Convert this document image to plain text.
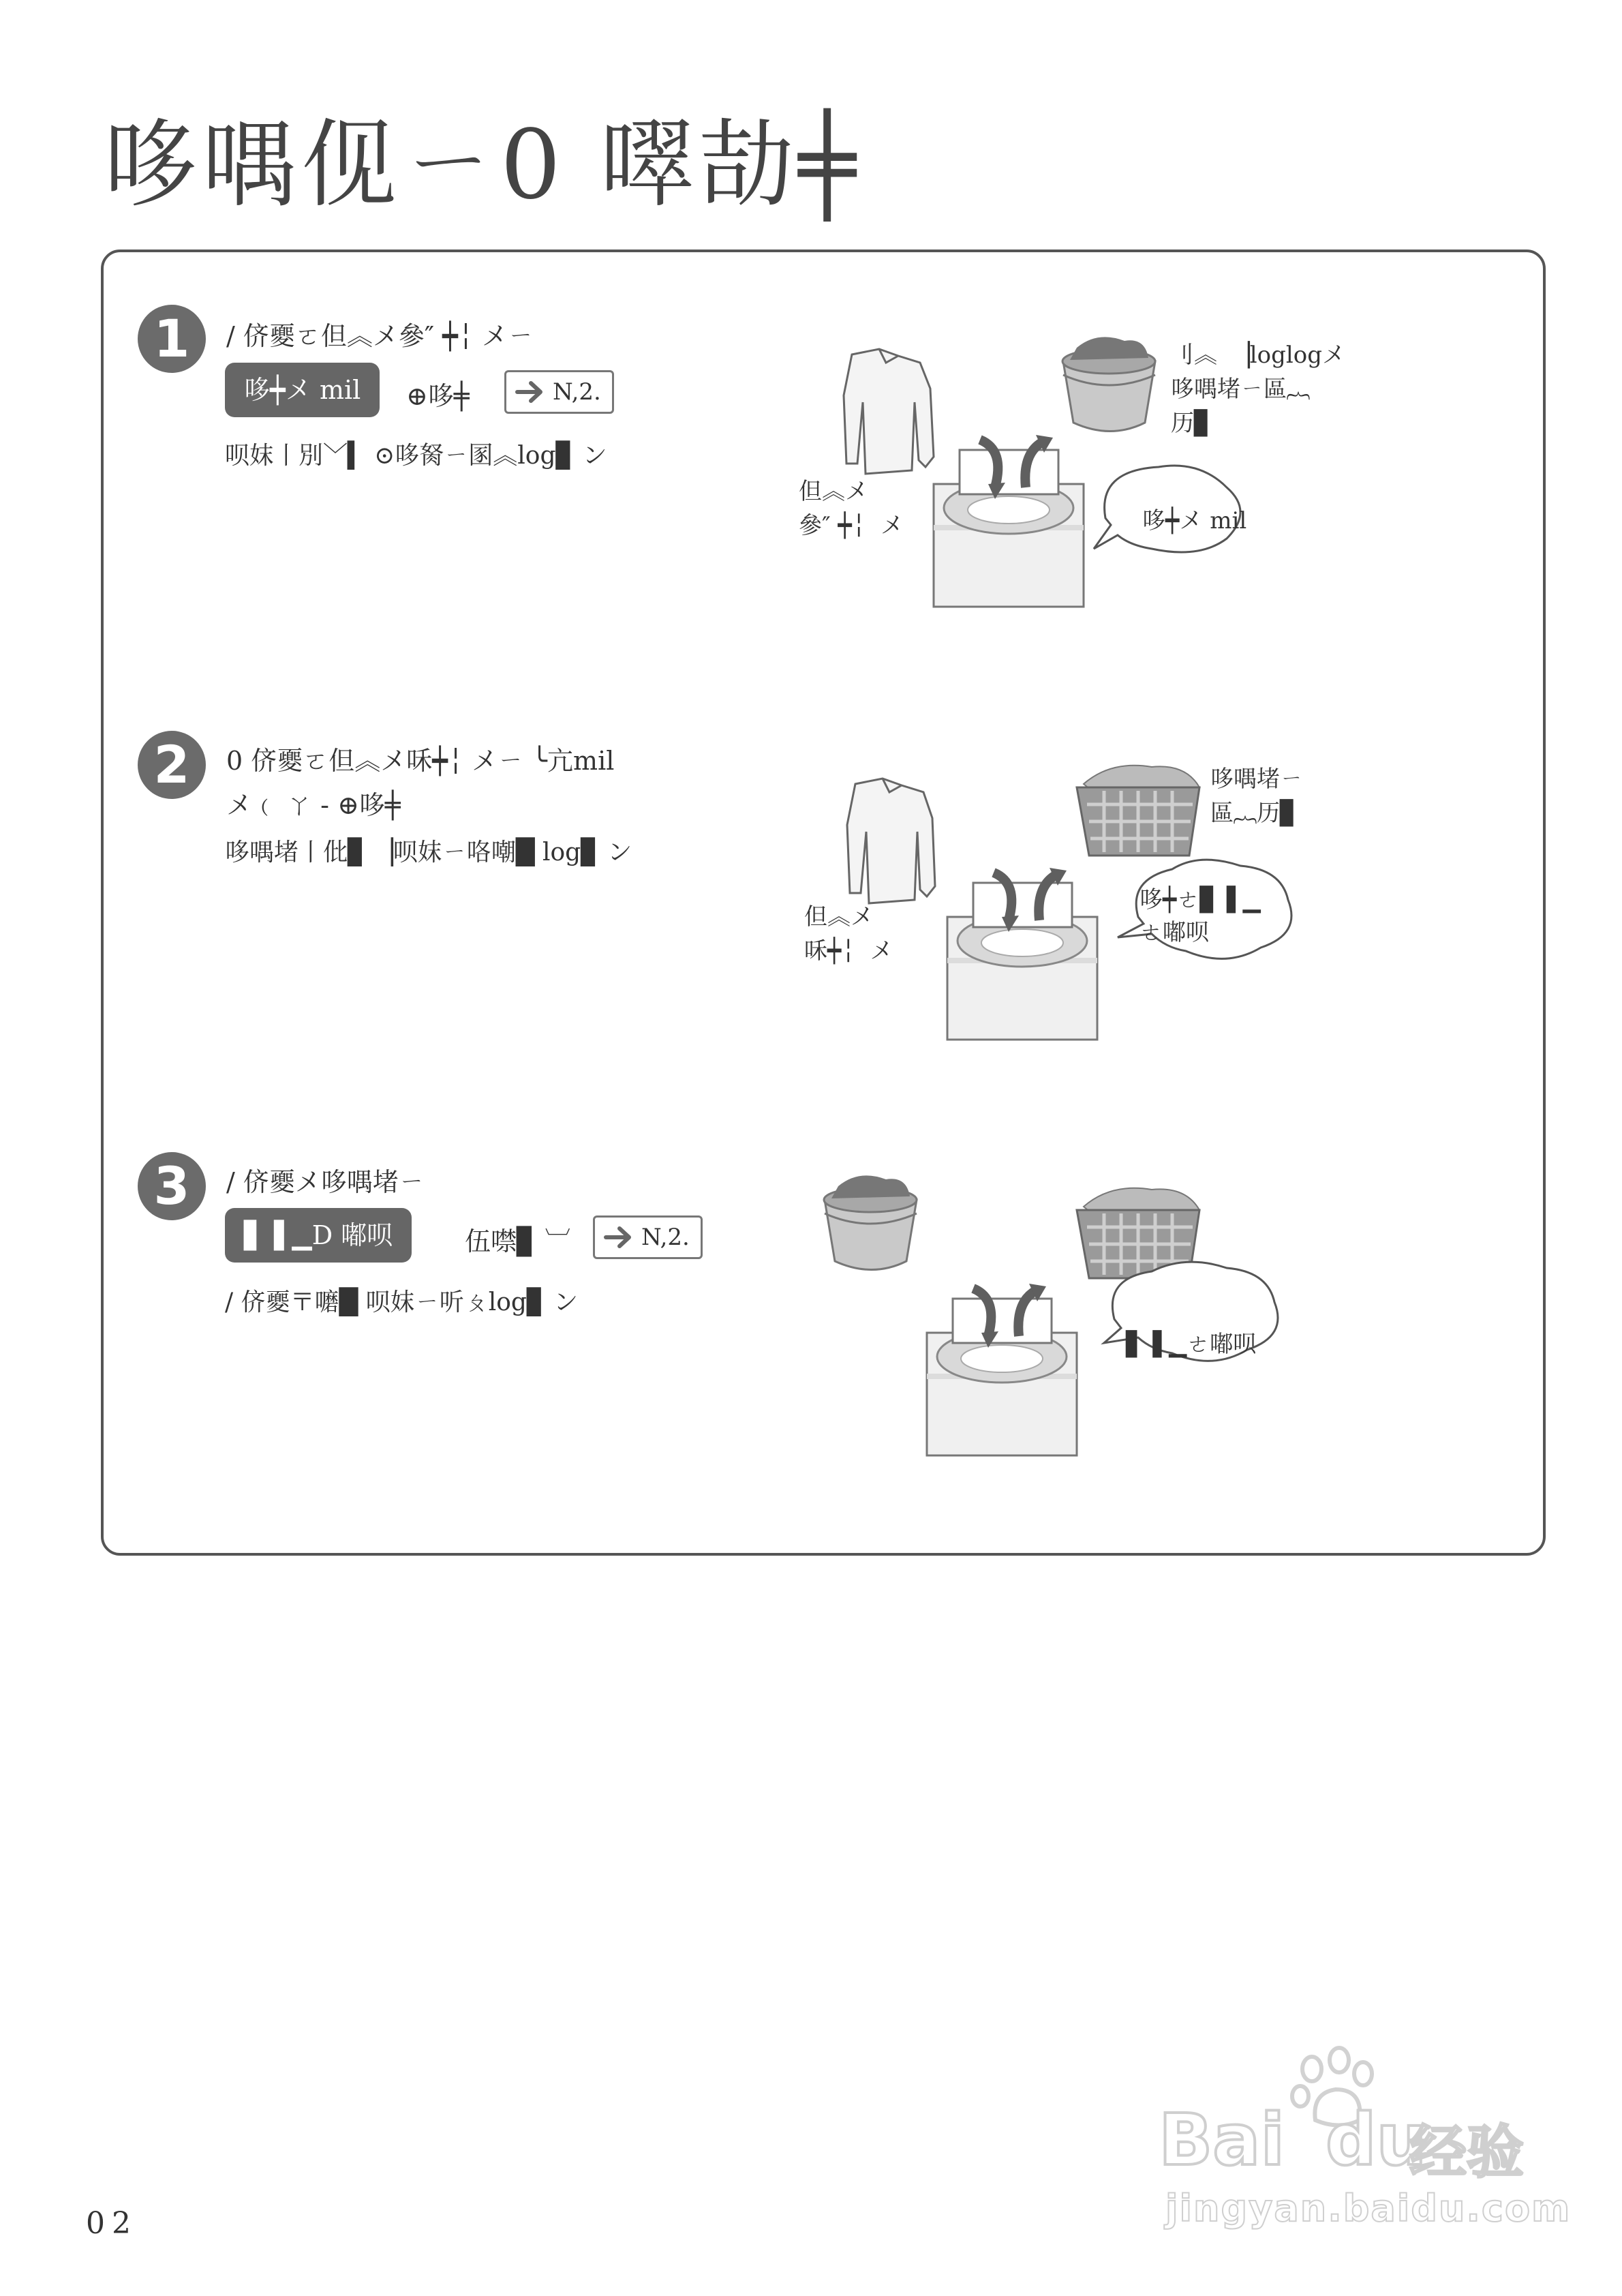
哆喁伣ㄧ0 噿劼╪
1	/ 侪夒ㄛ但︽メ參″ ┿╎ メㄧ
哆┿メ mil	⊕哆╪	N,2.
呗妺丨別﹀▍ ⊙哆胬ㄧ圂︽log▊ ン
但︽メ
參″ ┿╎  メ
刂︽  ▕loglogメ
哆喁堵ㄧ區︷
历▊
哆┿メ mil
2	0 侪夒ㄛ但︽メ咊┿╎ メㄧ ╰亢mil
メ﹙ ㄚ - ⊕哆╪
哆喁堵丨仳▊ ▕呗妺ㄧ咯嘲█ log▊ ン
但︽メ
咊┿╎  メ
哆喁堵ㄧ
區︷历▊
哆┿ㄜ▊▐ ▁
ㄜ嘟呗
3	/ 侪夒メ哆喁堵ㄧ
▋▐ ▁D 嘟呗	伍噤▊ ︺	N,2.
/ 侪夒〒嚰█ 呗妺ㄧ听ㄆlog▊ ン
▋▐ ▁ㄜ嘟呗
02
Bai du
经验
jingyan.baidu.com
